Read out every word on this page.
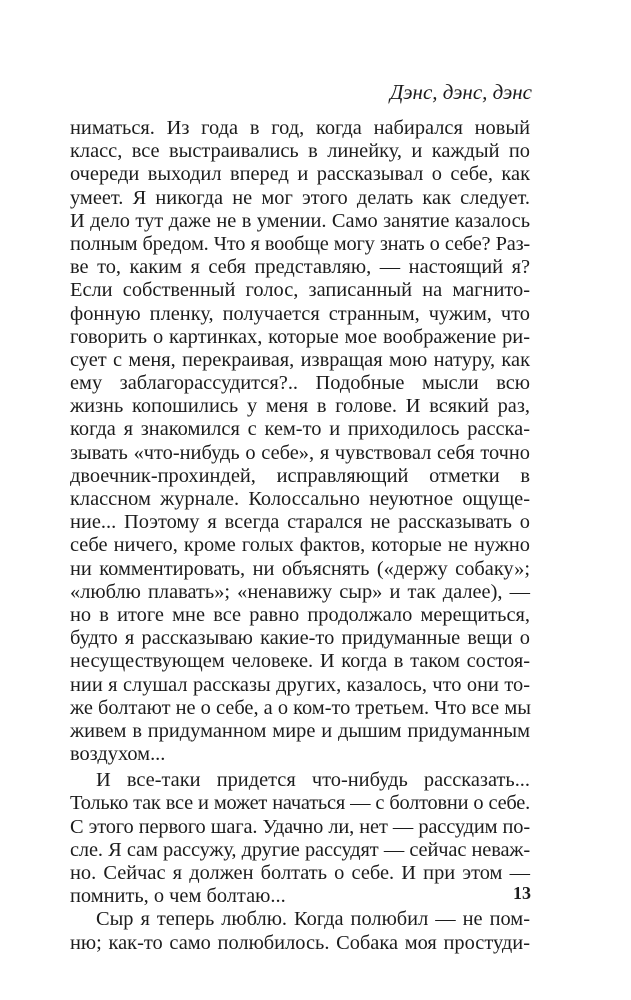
Дэнс, дэнс, дэнс
ниматься. Из года в год, когда набирался новый
класс, все выстраивались в линейку, и каждый по
очереди выходил вперед и рассказывал о себе, как
умеет. Я никогда не мог этого делать как следует.
И дело тут даже не в умении. Само занятие казалось
полным бредом. Что я вообще могу знать о себе? Раз-
ве то, каким я себя представляю, — настоящий я?
Если собственный голос, записанный на магнито-
фонную пленку, получается странным, чужим, что
говорить о картинках, которые мое воображение ри-
сует с меня, перекраивая, извращая мою натуру, как
ему заблагорассудится?.. Подобные мысли всю
жизнь копошились у меня в голове. И всякий раз,
когда я знакомился с кем-то и приходилось расска-
зывать «что-нибудь о себе», я чувствовал себя точно
двоечник-прохиндей, исправляющий отметки в
классном журнале. Колоссально неуютное ощуще-
ние... Поэтому я всегда старался не рассказывать о
себе ничего, кроме голых фактов, которые не нужно
ни комментировать, ни объяснять («держу собаку»;
«люблю плавать»; «ненавижу сыр» и так далее), —
но в итоге мне все равно продолжало мерещиться,
будто я рассказываю какие-то придуманные вещи о
несуществующем человеке. И когда в таком состоя-
нии я слушал рассказы других, казалось, что они то-
же болтают не о себе, а о ком-то третьем. Что все мы
живем в придуманном мире и дышим придуманным
воздухом...
И все-таки придется что-нибудь рассказать...
Только так все и может начаться — с болтовни о себе.
С этого первого шага. Удачно ли, нет — рассудим по-
сле. Я сам рассужу, другие рассудят — сейчас неваж-
но. Сейчас я должен болтать о себе. И при этом —
помнить, о чем болтаю...
Сыр я теперь люблю. Когда полюбил — не пом-
ню; как-то само полюбилось. Собака моя простуди-
13
